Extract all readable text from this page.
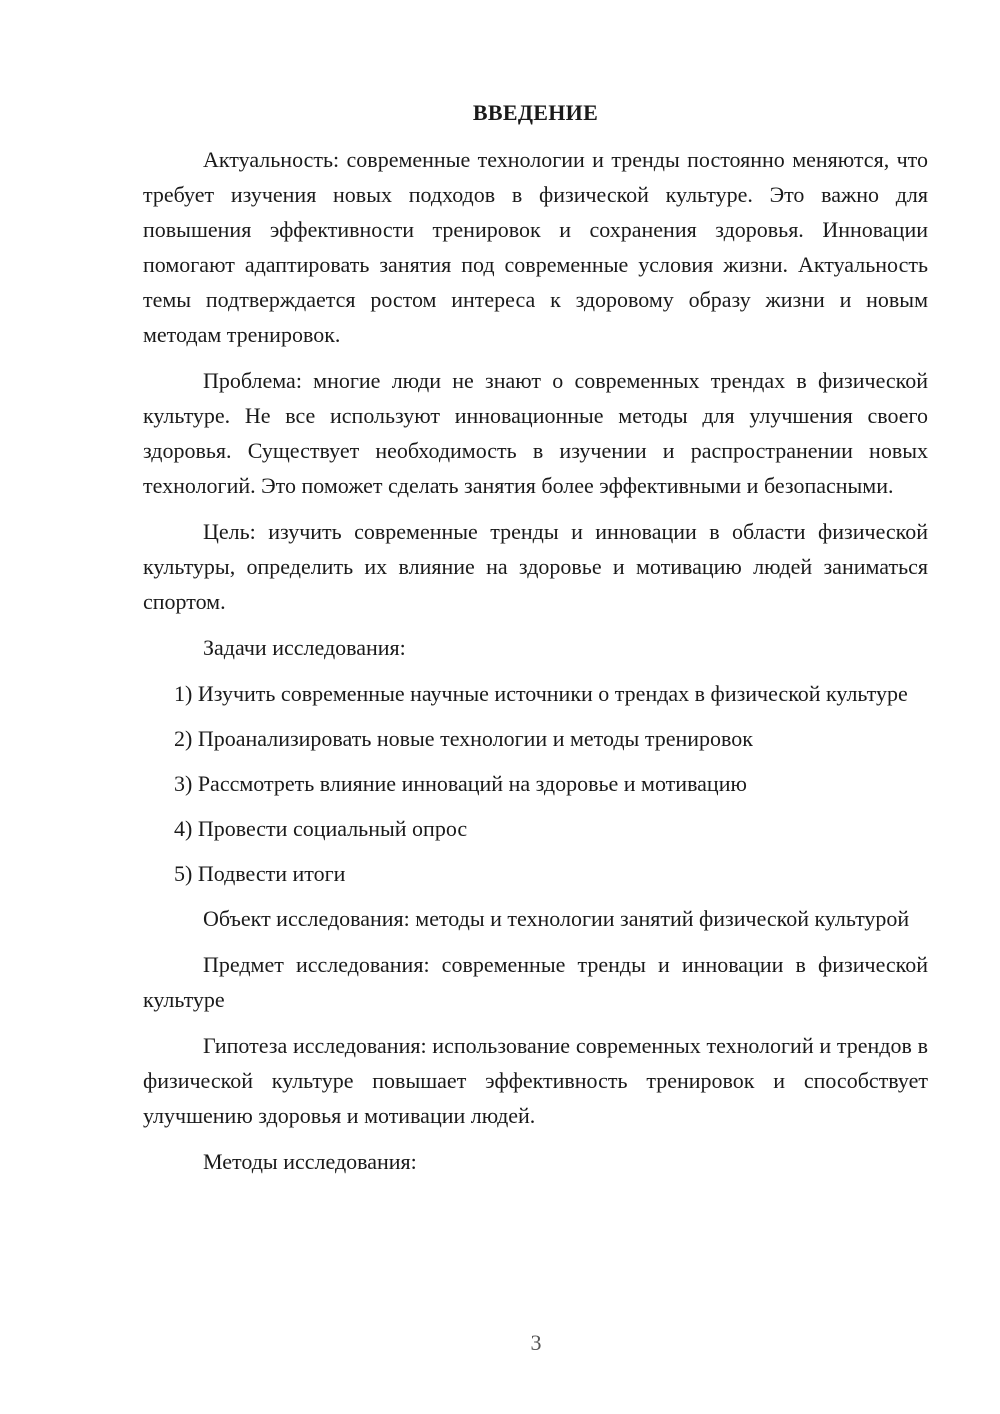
ВВЕДЕНИЕ

Актуальность: современные технологии и тренды постоянно меняются, что требует изучения новых подходов в физической культуре. Это важно для повышения эффективности тренировок и сохранения здоровья. Инновации помогают адаптировать занятия под современные условия жизни. Актуальность темы подтверждается ростом интереса к здоровому образу жизни и новым методам тренировок.

Проблема: многие люди не знают о современных трендах в физической культуре. Не все используют инновационные методы для улучшения своего здоровья. Существует необходимость в изучении и распространении новых технологий. Это поможет сделать занятия более эффективными и безопасными.

Цель: изучить современные тренды и инновации в области физической культуры, определить их влияние на здоровье и мотивацию людей заниматься спортом.

Задачи исследования:

1) Изучить современные научные источники о трендах в физической культуре

2) Проанализировать новые технологии и методы тренировок

3) Рассмотреть влияние инноваций на здоровье и мотивацию

4) Провести социальный опрос

5) Подвести итоги

Объект исследования: методы и технологии занятий физической культурой

Предмет исследования: современные тренды и инновации в физической культуре

Гипотеза исследования: использование современных технологий и трендов в физической культуре повышает эффективность тренировок и способствует улучшению здоровья и мотивации людей.

Методы исследования:

3
